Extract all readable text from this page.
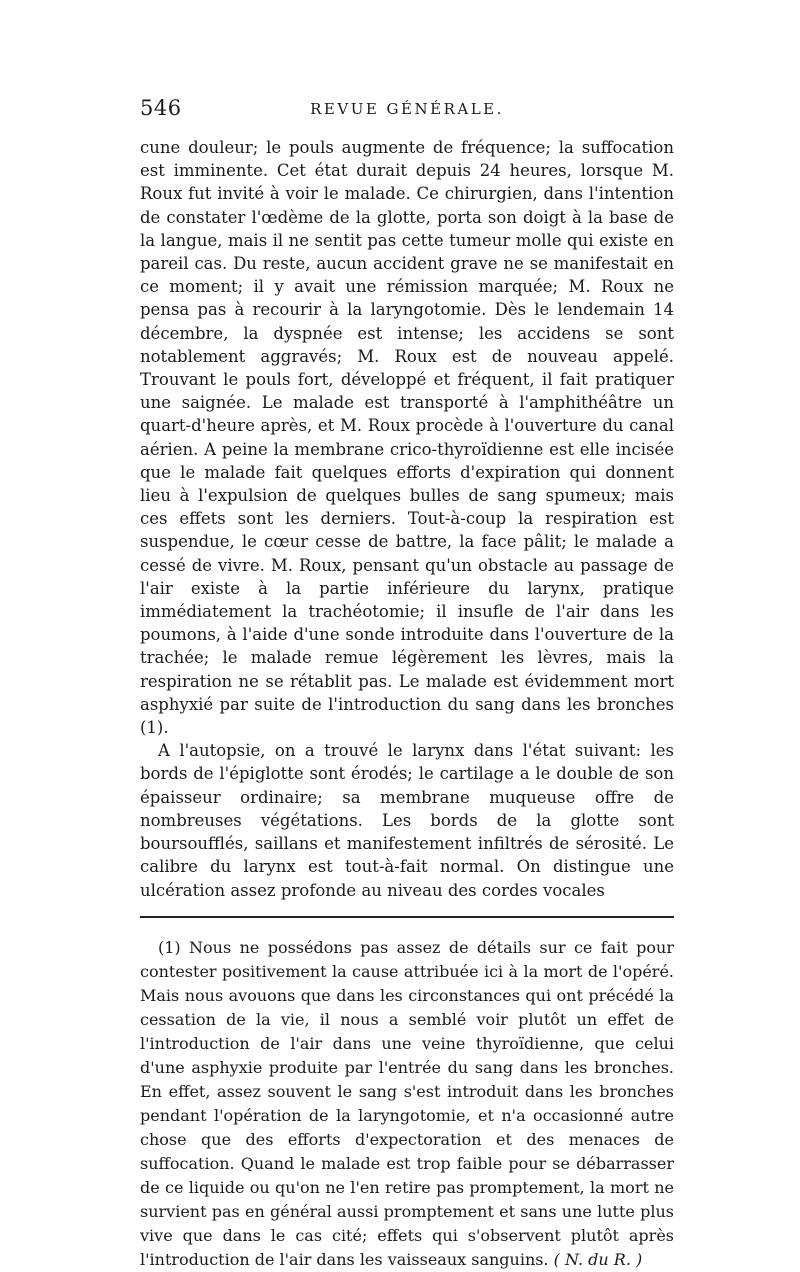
546	REVUE GÉNÉRALE.

cune douleur; le pouls augmente de fréquence; la suffocation est imminente. Cet état durait depuis 24 heures, lorsque M. Roux fut invité à voir le malade. Ce chirurgien, dans l'intention de constater l'œdème de la glotte, porta son doigt à la base de la langue, mais il ne sentit pas cette tumeur molle qui existe en pareil cas. Du reste, aucun accident grave ne se manifestait en ce moment; il y avait une rémission marquée; M. Roux ne pensa pas à recourir à la laryngotomie. Dès le lendemain 14 décembre, la dyspnée est intense; les accidens se sont notablement aggravés; M. Roux est de nouveau appelé. Trouvant le pouls fort, développé et fréquent, il fait pratiquer une saignée. Le malade est transporté à l'amphithéâtre un quart-d'heure après, et M. Roux procède à l'ouverture du canal aérien. A peine la membrane crico-thyroïdienne est elle incisée que le malade fait quelques efforts d'expiration qui donnent lieu à l'expulsion de quelques bulles de sang spumeux; mais ces effets sont les derniers. Tout-à-coup la respiration est suspendue, le cœur cesse de battre, la face pâlit; le malade a cessé de vivre. M. Roux, pensant qu'un obstacle au passage de l'air existe à la partie inférieure du larynx, pratique immédiatement la trachéotomie; il insufle de l'air dans les poumons, à l'aide d'une sonde introduite dans l'ouverture de la trachée; le malade remue légèrement les lèvres, mais la respiration ne se rétablit pas. Le malade est évidemment mort asphyxié par suite de l'introduction du sang dans les bronches (1).

A l'autopsie, on a trouvé le larynx dans l'état suivant: les bords de l'épiglotte sont érodés; le cartilage a le double de son épaisseur ordinaire; sa membrane muqueuse offre de nombreuses végétations. Les bords de la glotte sont boursoufflés, saillans et manifestement infiltrés de sérosité. Le calibre du larynx est tout-à-fait normal. On distingue une ulcération assez profonde au niveau des cordes vocales

(1) Nous ne possédons pas assez de détails sur ce fait pour contester positivement la cause attribuée ici à la mort de l'opéré. Mais nous avouons que dans les circonstances qui ont précédé la cessation de la vie, il nous a semblé voir plutôt un effet de l'introduction de l'air dans une veine thyroïdienne, que celui d'une asphyxie produite par l'entrée du sang dans les bronches. En effet, assez souvent le sang s'est introduit dans les bronches pendant l'opération de la laryngotomie, et n'a occasionné autre chose que des efforts d'expectoration et des menaces de suffocation. Quand le malade est trop faible pour se débarrasser de ce liquide ou qu'on ne l'en retire pas promptement, la mort ne survient pas en général aussi promptement et sans une lutte plus vive que dans le cas cité; effets qui s'observent plutôt après l'introduction de l'air dans les vaisseaux sanguins. ( N. du R. )
